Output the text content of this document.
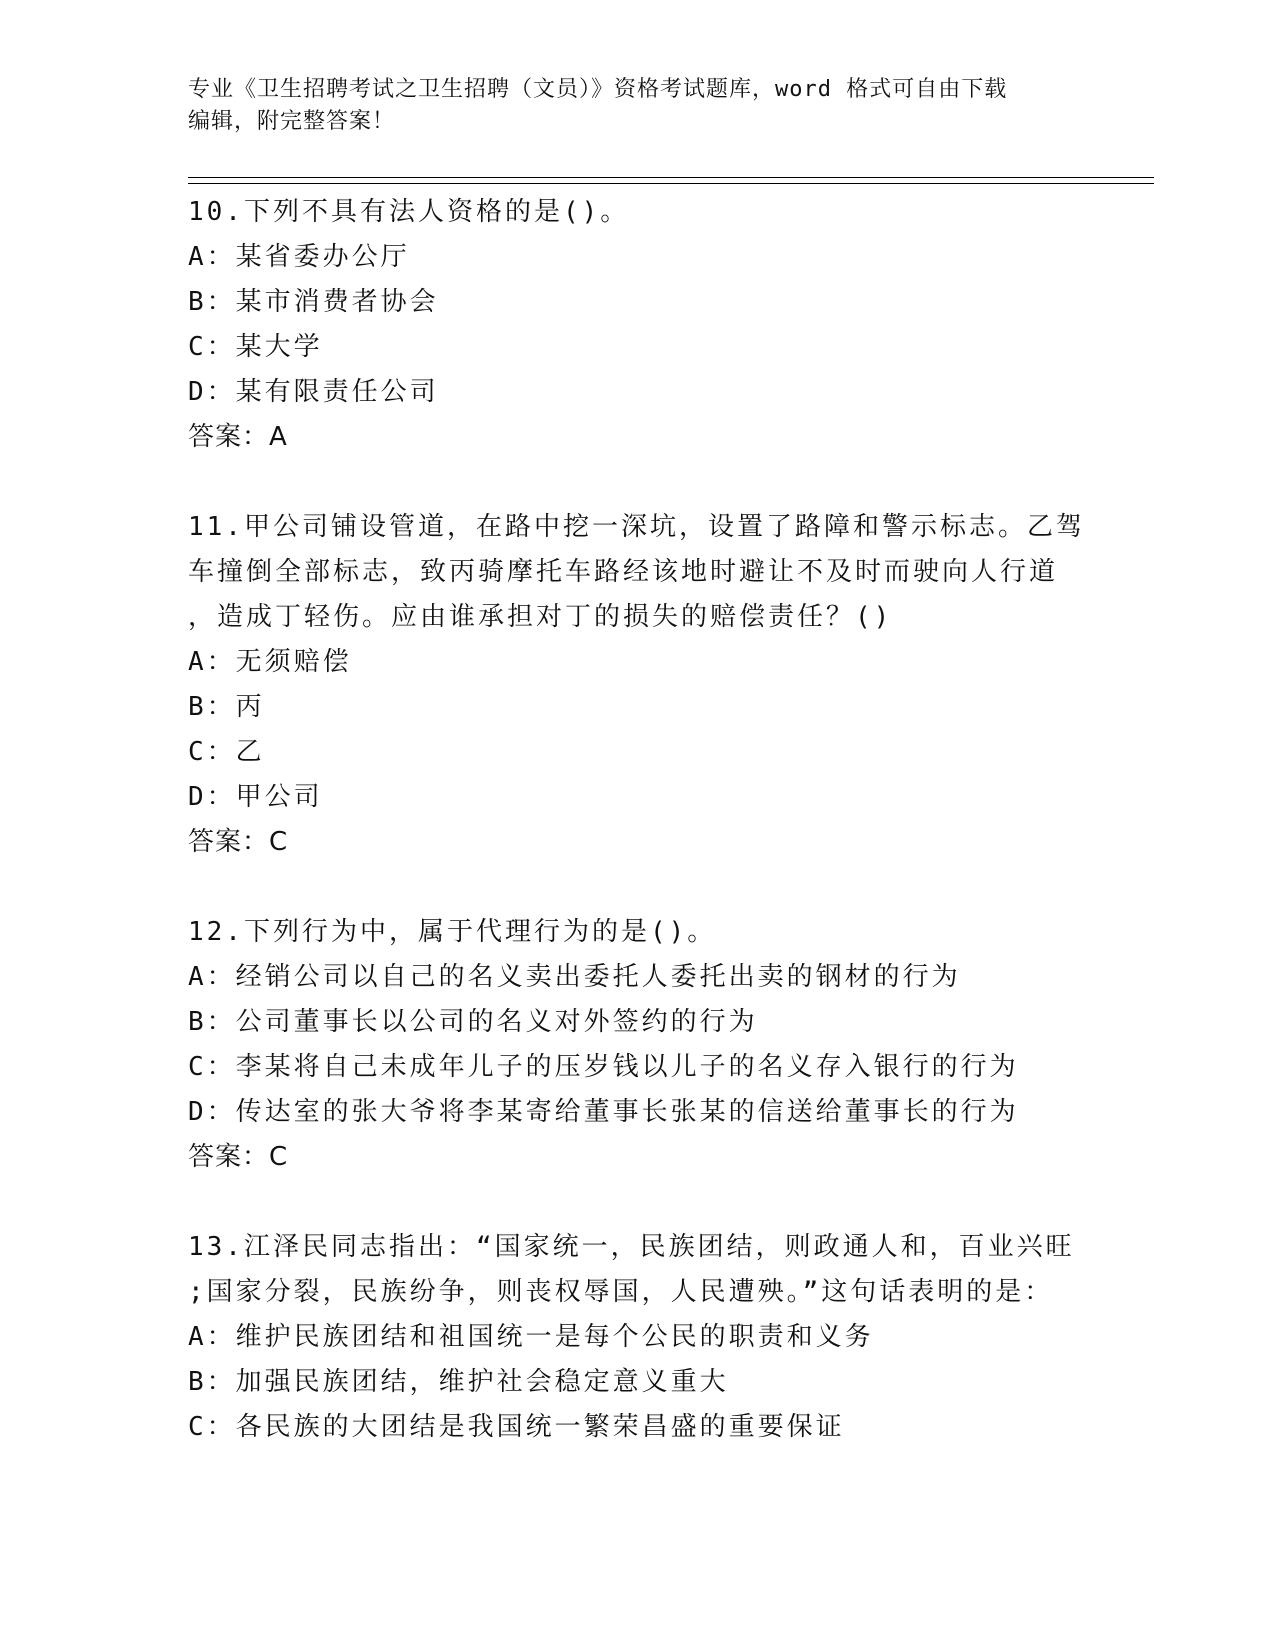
专业《卫生招聘考试之卫生招聘（文员）》资格考试题库，word 格式可自由下载
编辑，附完整答案！
10.下列不具有法人资格的是()。
A：某省委办公厅
B：某市消费者协会
C：某大学
D：某有限责任公司
答案：A
11.甲公司铺设管道，在路中挖一深坑，设置了路障和警示标志。乙驾
车撞倒全部标志，致丙骑摩托车路经该地时避让不及时而驶向人行道
，造成丁轻伤。应由谁承担对丁的损失的赔偿责任？()
A：无须赔偿
B：丙
C：乙
D：甲公司
答案：C
12.下列行为中，属于代理行为的是()。
A：经销公司以自己的名义卖出委托人委托出卖的钢材的行为
B：公司董事长以公司的名义对外签约的行为
C：李某将自己未成年儿子的压岁钱以儿子的名义存入银行的行为
D：传达室的张大爷将李某寄给董事长张某的信送给董事长的行为
答案：C
13.江泽民同志指出：“国家统一，民族团结，则政通人和，百业兴旺
;国家分裂，民族纷争，则丧权辱国，人民遭殃。”这句话表明的是：
A：维护民族团结和祖国统一是每个公民的职责和义务
B：加强民族团结，维护社会稳定意义重大
C：各民族的大团结是我国统一繁荣昌盛的重要保证
